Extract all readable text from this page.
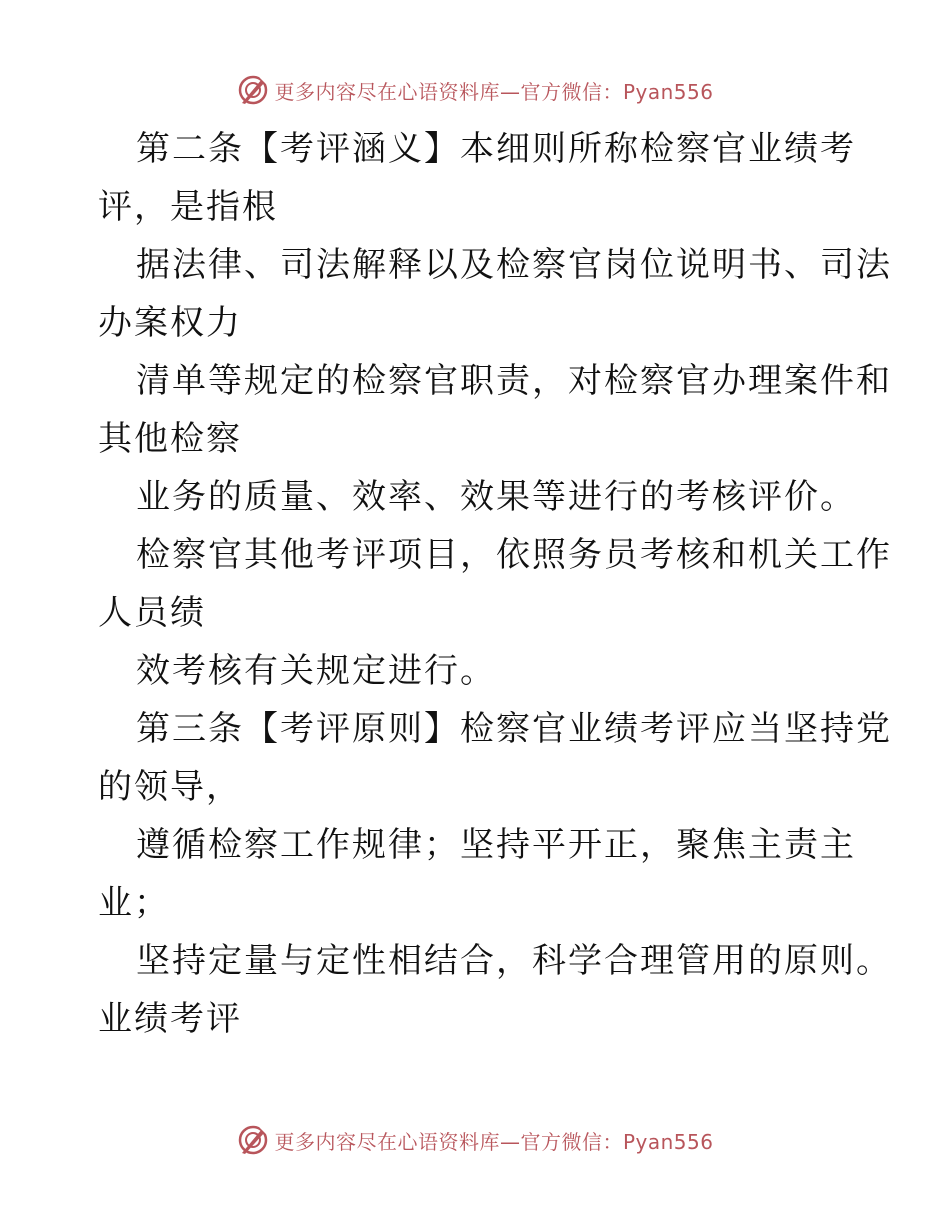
更多内容尽在心语资料库—官方微信：Pyan556
第二条【考评涵义】本细则所称检察官业绩考
评，是指根
据法律、司法解释以及检察官岗位说明书、司法
办案权力
清单等规定的检察官职责，对检察官办理案件和
其他检察
业务的质量、效率、效果等进行的考核评价。
检察官其他考评项目，依照务员考核和机关工作
人员绩
效考核有关规定进行。
第三条【考评原则】检察官业绩考评应当坚持党
的领导，
遵循检察工作规律；坚持平开正，聚焦主责主
业；
坚持定量与定性相结合，科学合理管用的原则。
业绩考评
更多内容尽在心语资料库—官方微信：Pyan556
